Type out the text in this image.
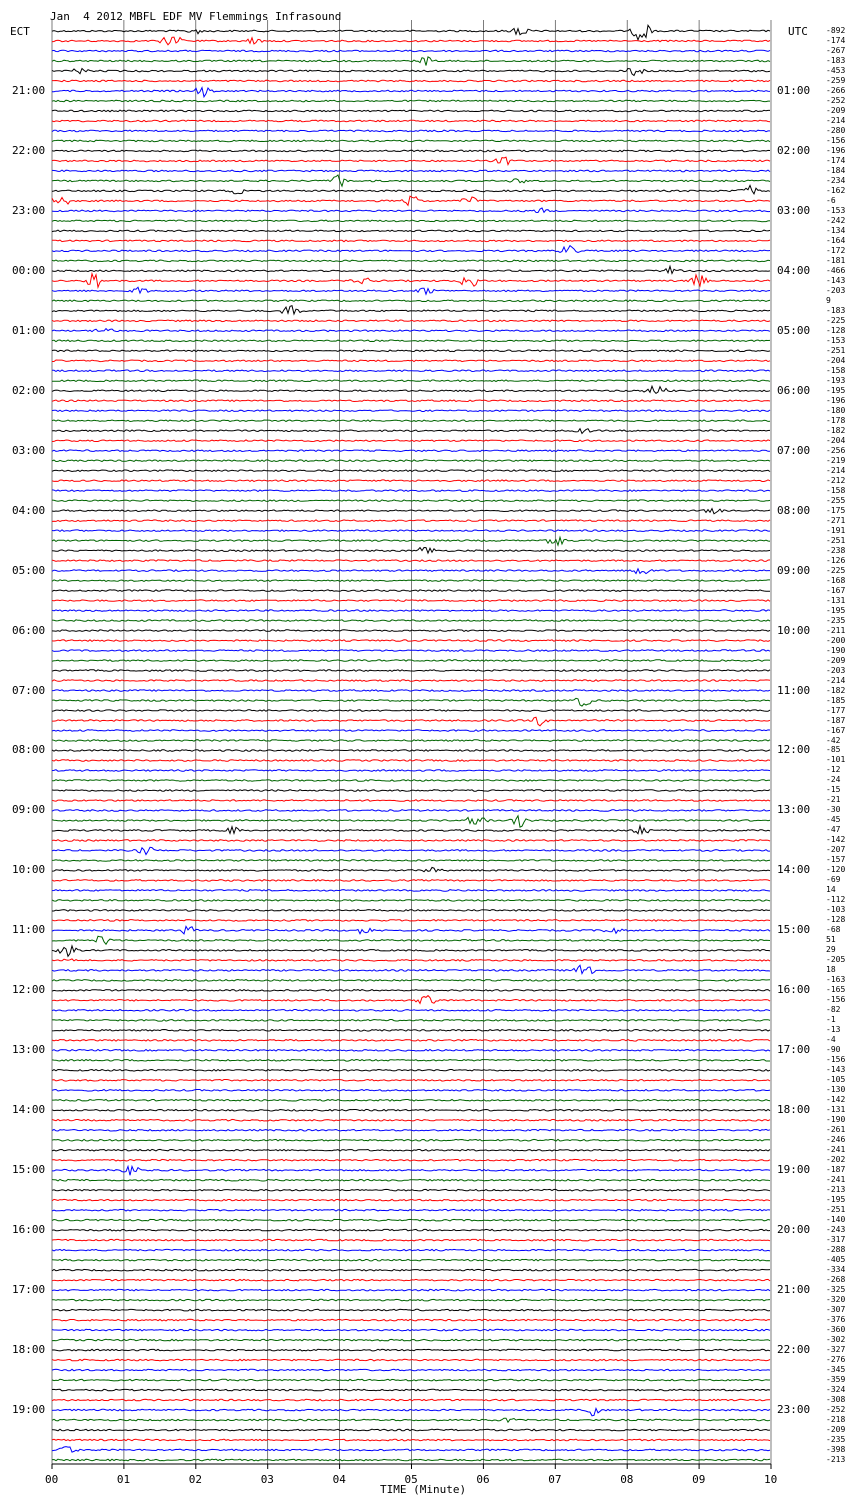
Jan  4 2012 MBFL EDF MV Flemmings Infrasound
ECT	UTC
21:00
22:00
23:00
00:00
01:00
02:00
03:00
04:00
05:00
06:00
07:00
08:00
09:00
10:00
11:00
12:00
13:00
14:00
15:00
16:00
17:00
18:00
19:00
01:00
02:00
03:00
04:00
05:00
06:00
07:00
08:00
09:00
10:00
11:00
12:00
13:00
14:00
15:00
16:00
17:00
18:00
19:00
20:00
21:00
22:00
23:00
-892
-174
-267
-183
-453
-259
-266
-252
-209
-214
-280
-156
-196
-174
-184
-234
-162
-6
-153
-242
-134
-164
-172
-181
-466
-143
-203
9
-183
-225
-128
-153
-251
-204
-158
-193
-195
-196
-180
-178
-182
-204
-256
-219
-214
-212
-158
-255
-175
-271
-191
-251
-238
-126
-225
-168
-167
-131
-195
-235
-211
-200
-190
-209
-203
-214
-182
-185
-177
-187
-167
-42
-85
-101
-12
-24
-15
-21
-30
-45
-47
-142
-207
-157
-120
-69
14
-112
-103
-128
-68
51
29
-205
18
-163
-165
-156
-82
-1
-13
-4
-90
-156
-143
-105
-130
-142
-131
-190
-261
-246
-241
-202
-187
-241
-213
-195
-251
-140
-243
-317
-288
-405
-334
-268
-325
-320
-307
-376
-360
-302
-327
-276
-345
-359
-324
-308
-252
-218
-209
-235
-398
-213
00	01	02	03	04	05	06	07	08	09	10
TIME (Minute)
